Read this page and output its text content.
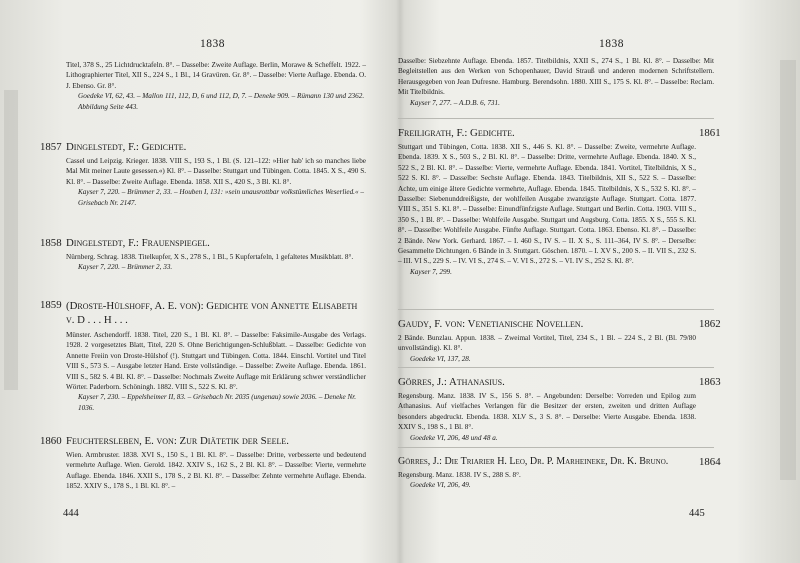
1838
Titel, 378 S., 25 Lichtdrucktafeln. 8°. – Dasselbe: Zweite Auflage. Berlin, Morawe & Scheffelt. 1922. – Lithographierter Titel, XII S., 224 S., 1 Bl., 14 Gravüren. Gr. 8°. – Dasselbe: Vierte Auflage. Ebenda. O. J. Ebenso. Gr. 8°.
Goedeke VI, 62, 43. – Mallon 111, 112, D, 6 und 112, D, 7. – Deneke 909. – Rümann 130 und 2362.
Abbildung Seite 443.
1857 Dingelstedt, F.: Gedichte.
Cassel und Leipzig. Krieger. 1838. VIII S., 193 S., 1 Bl. (S. 121–122: »Hier hab' ich so manches liebe Mal Mit meiner Laute gesessen.«) Kl. 8°. – Dasselbe: Stuttgart und Tübingen. Cotta. 1845. X S., 490 S. Kl. 8°. – Dasselbe: Zweite Auflage. Ebenda. 1858. XII S., 420 S., 3 Bl. Kl. 8°.
Kayser 7, 220. – Brümmer 2, 33. – Houben I, 131: »sein unausrottbar volkstümliches Weserlied.« – Grisebach Nr. 2147.
1858 Dingelstedt, F.: Frauenspiegel.
Nürnberg. Schrag. 1838. Titelkupfer, X S., 278 S., 1 Bl., 5 Kupfertafeln, 1 gefaltetes Musikblatt. 8°.
Kayser 7, 220. – Brümmer 2, 33.
1859 (Droste-Hülshoff, A. E. von): Gedichte von Annette Elisabeth v. D . . . H . . .
Münster. Aschendorff. 1838. Titel, 220 S., 1 Bl. Kl. 8°. – Dasselbe: Faksimile-Ausgabe des Verlags. 1928. 2 vorgesetztes Blatt, Titel, 220 S. Ohne Berichtigungen-Schlußblatt. – Dasselbe: Gedichte von Annette Freiin von Droste-Hülshof (!). Stuttgart und Tübingen. Cotta. 1844. Einschl. Vortitel und Titel VIII S., 573 S. – Ausgabe letzter Hand. Erste vollständige. – Dasselbe: Zweite Auflage. Ebenda. 1861. VIII S., 582 S. 4 Bl. Kl. 8°. – Dasselbe: Nochmals Zweite Auflage mit Erklärung schwer verständlicher Wörter. Paderborn. Schöningh. 1882. VIII S., 522 S. Kl. 8°.
Kayser 7, 230. – Eppelsheimer II, 83. – Grisebach Nr. 2035 (ungenau) sowie 2036. – Deneke Nr. 1036.
1860 Feuchtersleben, E. von: Zur Diätetik der Seele.
Wien. Armbruster. 1838. XVI S., 150 S., 1 Bl. Kl. 8°. – Dasselbe: Dritte, verbesserte und bedeutend vermehrte Auflage. Wien. Gerold. 1842. XXIV S., 162 S., 2 Bl. Kl. 8°. – Dasselbe: Vierte, vermehrte Auflage. Ebenda. 1846. XXII S., 178 S., 2 Bl. Kl. 8°. – Dasselbe: Zehnte vermehrte Auflage. Ebenda. 1852. XXIV S., 178 S., 1 Bl. Kl. 8°. –
444
1838
Dasselbe: Siebzehnte Auflage. Ebenda. 1857. Titelbildnis, XXII S., 274 S., 1 Bl. Kl. 8°. – Dasselbe: Mit Begleitstellen aus den Werken von Schopenhauer, David Strauß und anderen modernen Schriftstellern. Herausgegeben von Jean Dufresne. Hamburg. Berendsohn. 1880. XIII S., 175 S. Kl. 8°. – Dasselbe: Reclam. Mit Titelbildnis.
Kayser 7, 277. – A.D.B. 6, 731.
1861
Freiligrath, F.: Gedichte.
Stuttgart und Tübingen, Cotta. 1838. XII S., 446 S. Kl. 8°. – Dasselbe: Zweite, vermehrte Auflage. Ebenda. 1839. X S., 503 S., 2 Bl. Kl. 8°. – Dasselbe: Dritte, vermehrte Auflage. Ebenda. 1840. X S., 522 S., 2 Bl. Kl. 8°. – Dasselbe: Vierte, vermehrte Auflage. Ebenda. 1841. Vortitel, Titelbildnis, X S., 522 S. Kl. 8°. – Dasselbe: Sechste Auflage. Ebenda. 1843. Titelbildnis, XII S., 522 S. – Dasselbe: Achte, um einige ältere Gedichte vermehrte, Auflage. Ebenda. 1845. Titelbildnis, X S., 532 S. Kl. 8°. – Dasselbe: Siebenunddreißigste, der wohlfeilen Ausgabe zwanzigste Auflage. Stuttgart. Cotta. 1877. VIII S., 351 S. Kl. 8°. – Dasselbe: Einundfünfzigste Auflage. Stuttgart und Berlin. Cotta. 1903. VIII S., 350 S., 1 Bl. 8°. – Dasselbe: Wohlfeile Ausgabe. Stuttgart und Augsburg. Cotta. 1855. X S., 555 S. Kl. 8°. – Dasselbe: Wohlfeile Ausgabe. Fünfte Auflage. Stuttgart. Cotta. 1863. Ebenso. Kl. 8°. – Dasselbe: 2 Bände. New York. Gerhard. 1867. – I. 460 S., IV S. – II. X S., S. 111–364, IV S. 8°. – Derselbe: Gesammelte Dichtungen. 6 Bände in 3. Stuttgart. Göschen. 1870. – I. XV S., 200 S. – II. VII S., 232 S. – III. VI S., 229 S. – IV. VI S., 274 S. – V. VI S., 272 S. – VI. IV S., 252 S. Kl. 8°.
Kayser 7, 299.
1862
Gaudy, F. von: Venetianische Novellen.
2 Bände. Bunzlau. Appun. 1838. – Zweimal Vortitel, Titel, 234 S., 1 Bl. – 224 S., 2 Bl. (Bl. 79/80 unvollständig). Kl. 8°.
Goedeke VI, 137, 28.
1863
Görres, J.: Athanasius.
Regensburg. Manz. 1838. IV S., 156 S. 8°. – Angebunden: Derselbe: Vorreden und Epilog zum Athanasius. Auf vielfaches Verlangen für die Besitzer der ersten, zweiten und dritten Auflage besonders abgedruckt. Ebenda. 1838. XLV S., 3 S. 8°. – Derselbe: Vierte Ausgabe. Ebenda. 1838. XXIV S., 198 S., 1 Bl. 8°.
Goedeke VI, 206, 48 und 48 a.
1864
Görres, J.: Die Triarier H. Leo, Dr. P. Marheineke, Dr. K. Bruno.
Regensburg. Manz. 1838. IV S., 288 S. 8°.
Goedeke VI, 206, 49.
445
